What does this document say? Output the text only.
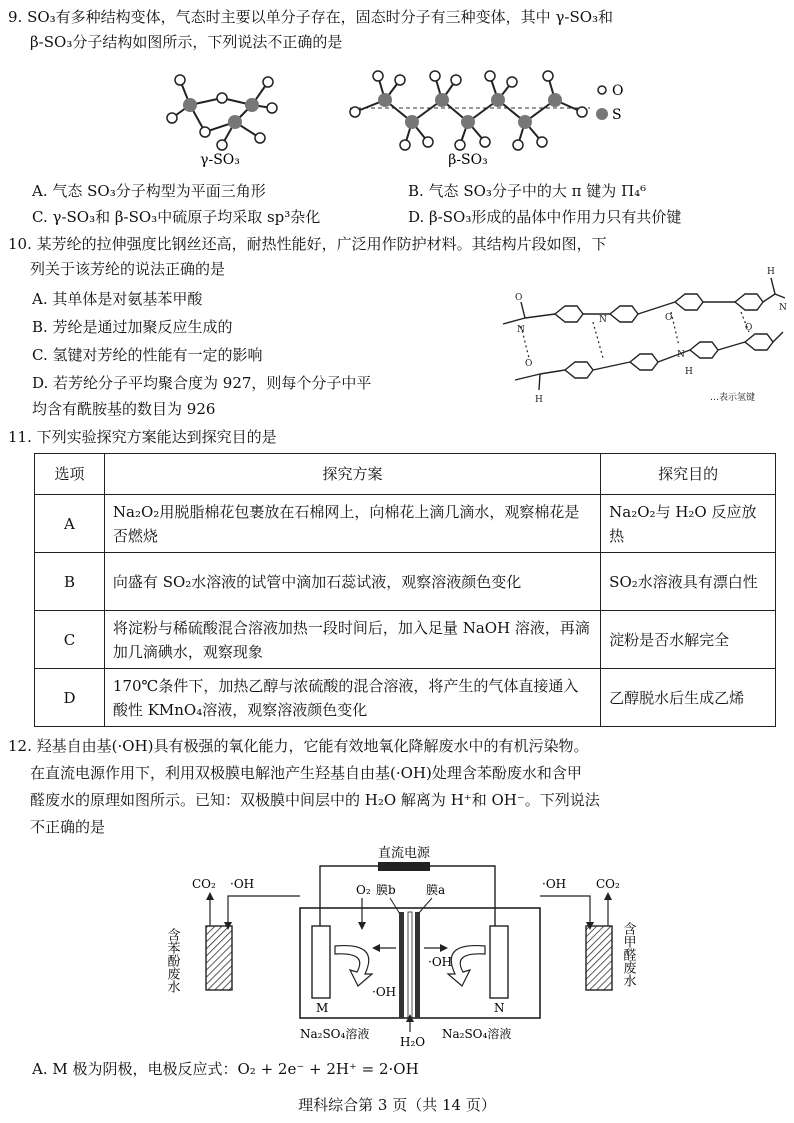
9. SO₃有多种结构变体，气态时主要以单分子存在，固态时分子有三种变体，其中 γ-SO₃和
β-SO₃分子结构如图所示，下列说法不正确的是
γ-SO₃	β-SO₃
O
S
A. 气态 SO₃分子构型为平面三角形	B. 气态 SO₃分子中的大 π 键为 Π₄⁶
C. γ-SO₃和 β-SO₃中硫原子均采取 sp³杂化	D. β-SO₃形成的晶体中作用力只有共价键
10. 某芳纶的拉伸强度比钢丝还高，耐热性能好，广泛用作防护材料。其结构片段如图，下
列关于该芳纶的说法正确的是
A. 其单体是对氨基苯甲酸
B. 芳纶是通过加聚反应生成的
C. 氢键对芳纶的性能有一定的影响
D. 若芳纶分子平均聚合度为 927，则每个分子中平
均含有酰胺基的数目为 926
O
H
N
N
H
N	O
O
N
H
O
…表示氢键
11. 下列实验探究方案能达到探究目的是
选项	探究方案	探究目的
A	Na₂O₂用脱脂棉花包裹放在石棉网上，向棉花上滴几滴水，观察棉花是否燃烧	Na₂O₂与 H₂O 反应放热
B	向盛有 SO₂水溶液的试管中滴加石蕊试液，观察溶液颜色变化	SO₂水溶液具有漂白性
C	将淀粉与稀硫酸混合溶液加热一段时间后，加入足量 NaOH 溶液，再滴加几滴碘水，观察现象	淀粉是否水解完全
D	170℃条件下，加热乙醇与浓硫酸的混合溶液，将产生的气体直接通入酸性 KMnO₄溶液，观察溶液颜色变化	乙醇脱水后生成乙烯
12. 羟基自由基(·OH)具有极强的氧化能力，它能有效地氧化降解废水中的有机污染物。
在直流电源作用下，利用双极膜电解池产生羟基自由基(·OH)处理含苯酚废水和含甲
醛废水的原理如图所示。已知：双极膜中间层中的 H₂O 解离为 H⁺和 OH⁻。下列说法
不正确的是
直流电源
M	N
O₂ 膜b	膜a
·OH
·OH
Na₂SO₄溶液
H₂O
Na₂SO₄溶液
CO₂ ·OH
含苯酚废水
·OH CO₂
含甲醛废水
A. M 极为阴极，电极反应式：O₂ + 2e⁻ + 2H⁺ = 2·OH
理科综合第 3 页（共 14 页）
